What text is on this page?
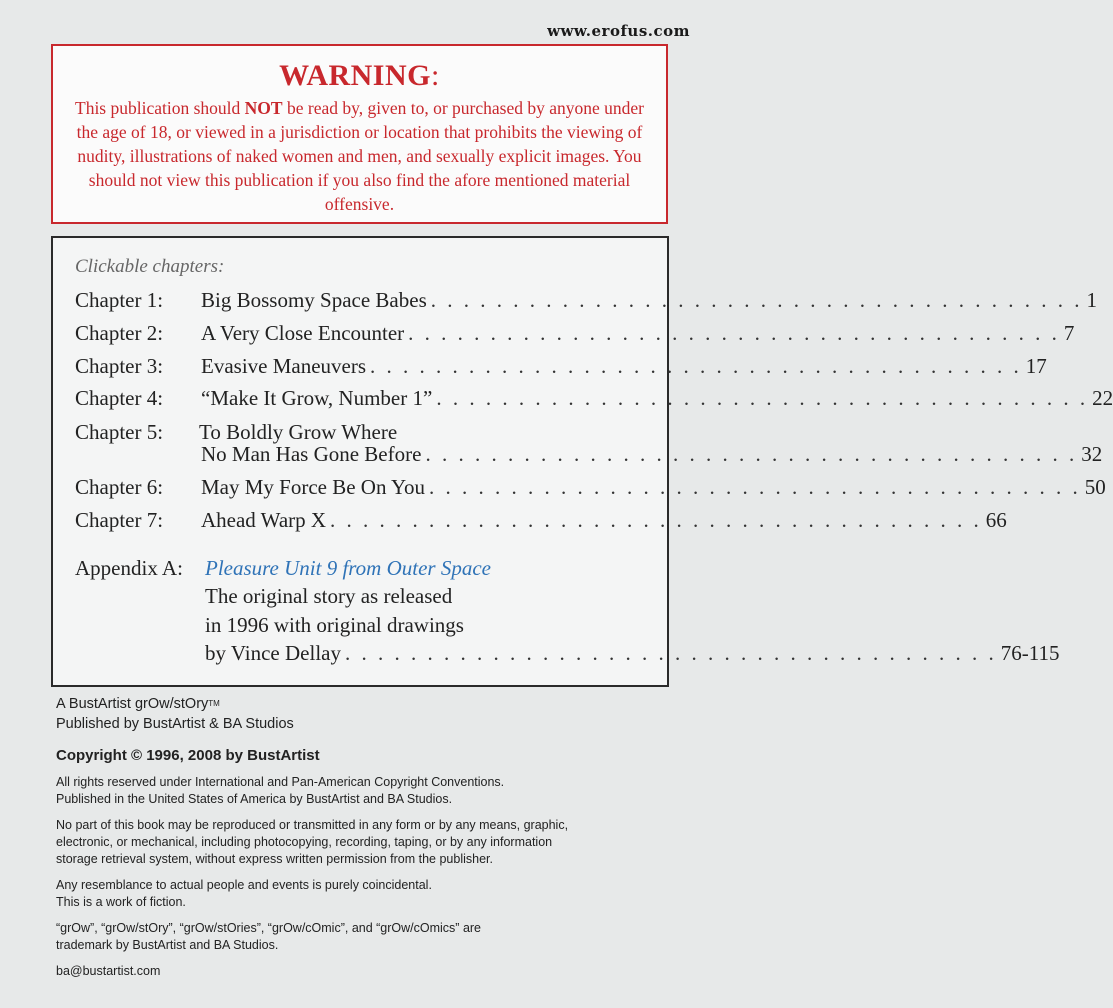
www.erofus.com
WARNING:
This publication should NOT be read by, given to, or purchased by anyone under the age of 18, or viewed in a jurisdiction or location that prohibits the viewing of nudity, illustrations of naked women and men, and sexually explicit images. You should not view this publication if you also find the afore mentioned material offensive.
Clickable chapters:
Chapter 1:	Big Bossomy Space Babes . . . . . . . . . . . . . . . . . . . . . . . . . . . . . . . . . . . . . . . . 1
Chapter 2:	A Very Close Encounter . . . . . . . . . . . . . . . . . . . . . . . . . . . . . . . . . . . . . . . . 7
Chapter 3:	Evasive Maneuvers . . . . . . . . . . . . . . . . . . . . . . . . . . . . . . . . . . . . . . . . 17
Chapter 4:	“Make It Grow, Number 1” . . . . . . . . . . . . . . . . . . . . . . . . . . . . . . . . . . . . . . . . 22
Chapter 5:	To Boldly Grow Where
No Man Has Gone Before . . . . . . . . . . . . . . . . . . . . . . . . . . . . . . . . . . . . . . . . 32
Chapter 6:	May My Force Be On You . . . . . . . . . . . . . . . . . . . . . . . . . . . . . . . . . . . . . . . . 50
Chapter 7:	Ahead Warp X . . . . . . . . . . . . . . . . . . . . . . . . . . . . . . . . . . . . . . . . 66
Appendix A: Pleasure Unit 9 from Outer Space
The original story as released
in 1996 with original drawings
by Vince Dellay . . . . . . . . . . . . . . . . . . . . . . . . . . . . . . . . . . . . . . . . 76-115

A BustArtist grOw/stOry™

Published by BustArtist & BA Studios

Copyright © 1996, 2008 by BustArtist

All rights reserved under International and Pan-American Copyright Conventions.

Published in the United States of America by BustArtist and BA Studios.

No part of this book may be reproduced or transmitted in any form or by any means, graphic,

electronic, or mechanical, including photocopying, recording, taping, or by any information

storage retrieval system, without express written permission from the publisher.

Any resemblance to actual people and events is purely coincidental.

This is a work of fiction.

“grOw”, “grOw/stOry”, “grOw/stOries”, “grOw/cOmic”, and “grOw/cOmics” are

trademark by BustArtist and BA Studios.

ba@bustartist.com
